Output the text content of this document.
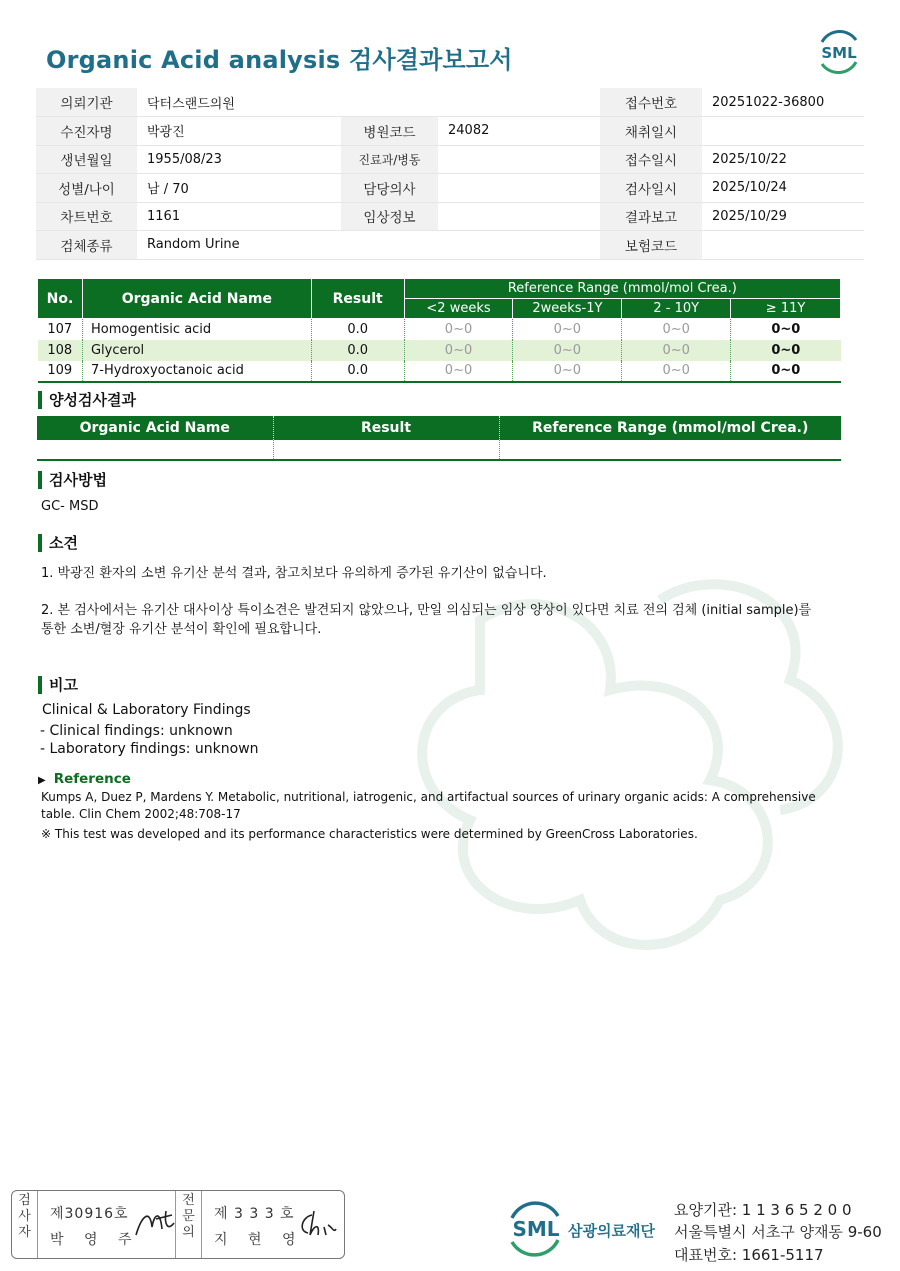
Organic Acid analysis 검사결과보고서	SML
의뢰기관	닥터스랜드의원			접수번호	20251022-36800
수진자명	박광진	병원코드	24082	채취일시	
생년월일	1955/08/23	진료과/병동		접수일시	2025/10/22
성별/나이	남 / 70	담당의사		검사일시	2025/10/24
차트번호	1161	임상정보		결과보고	2025/10/29
검체종류	Random Urine			보험코드	
No.	Organic Acid Name	Result	Reference Range (mmol/mol Crea.)			
			<2 weeks	2weeks-1Y	2 - 10Y	≥ 11Y
107	Homogentisic acid	0.0	0~0	0~0	0~0	0~0
108	Glycerol	0.0	0~0	0~0	0~0	0~0
109	7-Hydroxyoctanoic acid	0.0	0~0	0~0	0~0	0~0
양성검사결과
Organic Acid Name	Result	Reference Range (mmol/mol Crea.)

검사방법
GC- MSD
소견
1. 박광진 환자의 소변 유기산 분석 결과, 참고치보다 유의하게 증가된 유기산이 없습니다.
2. 본 검사에서는 유기산 대사이상 특이소견은 발견되지 않았으나, 만일 의심되는 임상 양상이 있다면 치료 전의 검체 (initial sample)를
통한 소변/혈장 유기산 분석이 확인에 필요합니다.
비고
Clinical & Laboratory Findings
- Clinical findings: unknown
- Laboratory findings: unknown
▶ Reference
Kumps A, Duez P, Mardens Y. Metabolic, nutritional, iatrogenic, and artifactual sources of urinary organic acids: A comprehensive
table. Clin Chem 2002;48:708-17
※ This test was developed and its performance characteristics were determined by GreenCross Laboratories.
검
사
자
제30916호
박 영 주
전
문
의
제 3 3 3 호
지 현 영	SML 삼광의료재단
요양기관: 1 1 3 6 5 2 0 0
서울특별시 서초구 양재동 9-60
대표번호: 1661-5117
